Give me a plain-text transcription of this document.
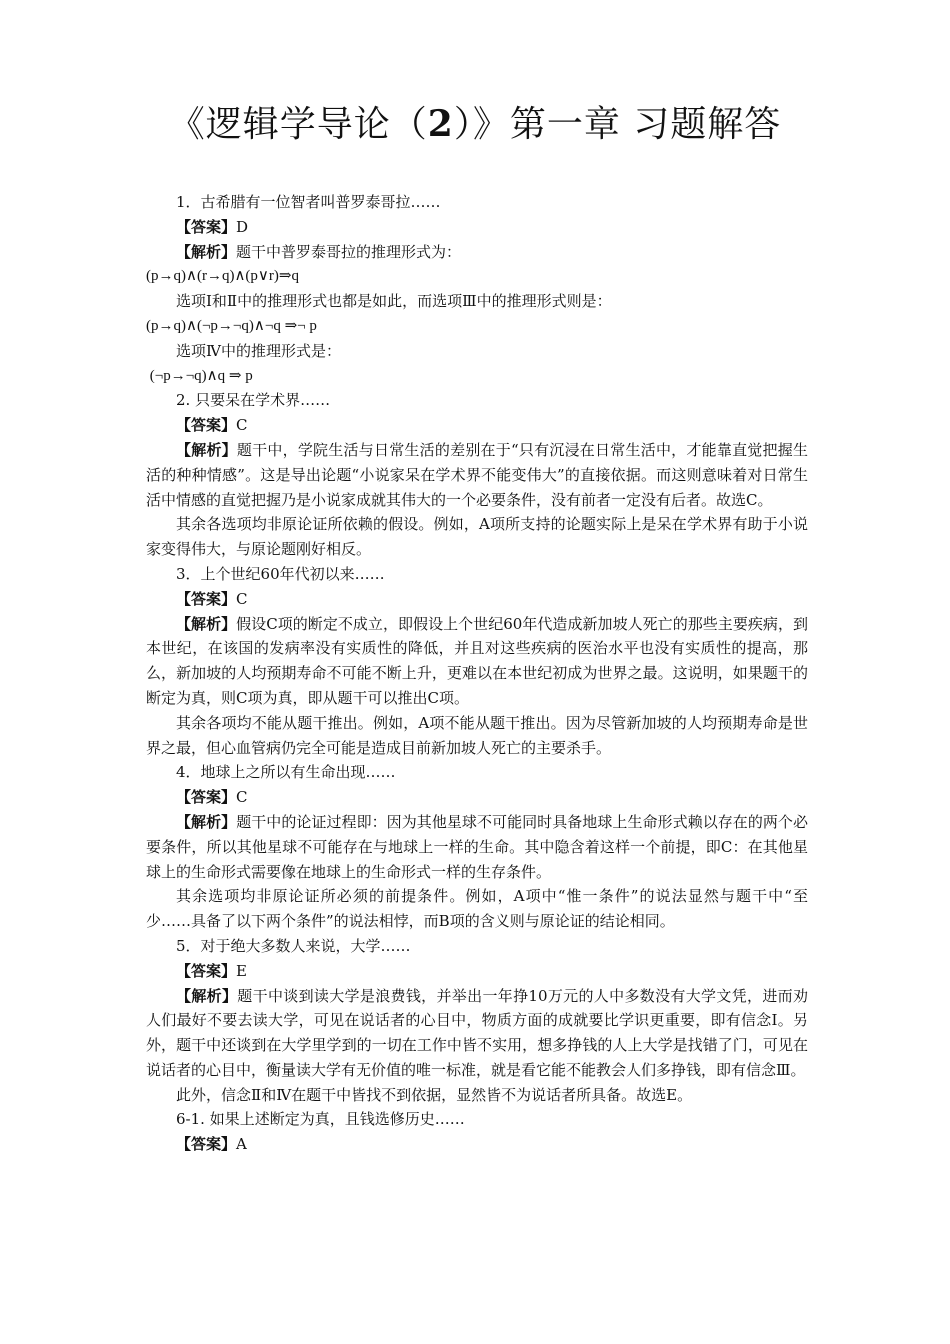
《逻辑学导论（2）》第一章 习题解答

1．古希腊有一位智者叫普罗泰哥拉……

【答案】D

【解析】题干中普罗泰哥拉的推理形式为：

(p→q)∧(r→q)∧(p∨r)⇒q

选项Ⅰ和Ⅱ中的推理形式也都是如此，而选项Ⅲ中的推理形式则是：

(p→q)∧(¬p→¬q)∧¬q ⇒¬ p

选项Ⅳ中的推理形式是：

(¬p→¬q)∧q ⇒ p

2. 只要呆在学术界……

【答案】C

【解析】题干中，学院生活与日常生活的差别在于“只有沉浸在日常生活中，才能靠直觉把握生活的种种情感”。这是导出论题“小说家呆在学术界不能变伟大”的直接依据。而这则意味着对日常生活中情感的直觉把握乃是小说家成就其伟大的一个必要条件，没有前者一定没有后者。故选C。

其余各选项均非原论证所依赖的假设。例如，A项所支持的论题实际上是呆在学术界有助于小说家变得伟大，与原论题刚好相反。

3．上个世纪60年代初以来……

【答案】C

【解析】假设C项的断定不成立，即假设上个世纪60年代造成新加坡人死亡的那些主要疾病，到本世纪，在该国的发病率没有实质性的降低，并且对这些疾病的医治水平也没有实质性的提高，那么，新加坡的人均预期寿命不可能不断上升，更难以在本世纪初成为世界之最。这说明，如果题干的断定为真，则C项为真，即从题干可以推出C项。

其余各项均不能从题干推出。例如，A项不能从题干推出。因为尽管新加坡的人均预期寿命是世界之最，但心血管病仍完全可能是造成目前新加坡人死亡的主要杀手。

4．地球上之所以有生命出现……

【答案】C

【解析】题干中的论证过程即：因为其他星球不可能同时具备地球上生命形式赖以存在的两个必要条件，所以其他星球不可能存在与地球上一样的生命。其中隐含着这样一个前提，即C：在其他星球上的生命形式需要像在地球上的生命形式一样的生存条件。

其余选项均非原论证所必须的前提条件。例如，A项中“惟一条件”的说法显然与题干中“至少……具备了以下两个条件”的说法相悖，而B项的含义则与原论证的结论相同。

5．对于绝大多数人来说，大学……

【答案】E

【解析】题干中谈到读大学是浪费钱，并举出一年挣10万元的人中多数没有大学文凭，进而劝人们最好不要去读大学，可见在说话者的心目中，物质方面的成就要比学识更重要，即有信念Ⅰ。另外，题干中还谈到在大学里学到的一切在工作中皆不实用，想多挣钱的人上大学是找错了门，可见在说话者的心目中，衡量读大学有无价值的唯一标准，就是看它能不能教会人们多挣钱，即有信念Ⅲ。

此外，信念Ⅱ和Ⅳ在题干中皆找不到依据，显然皆不为说话者所具备。故选E。

6-1. 如果上述断定为真，且钱选修历史……

【答案】A
